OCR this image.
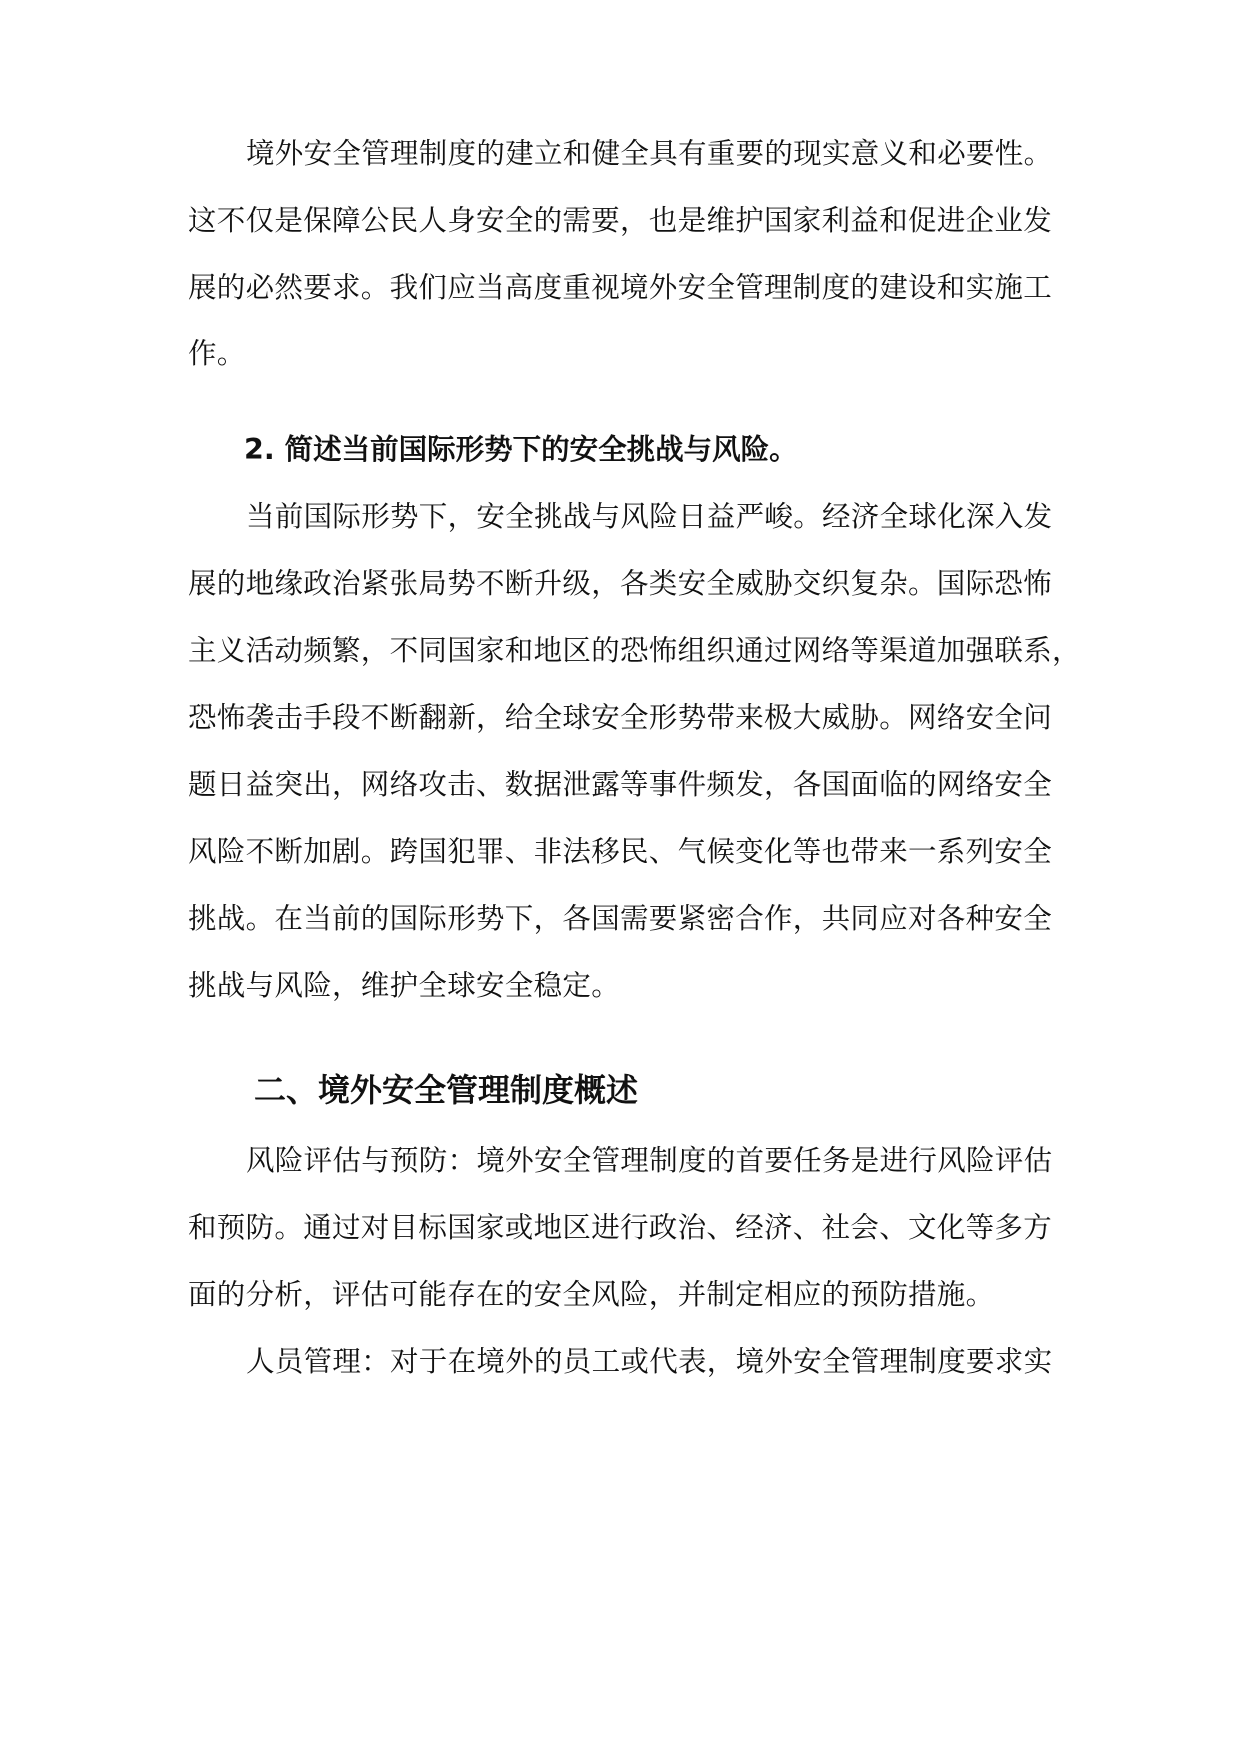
境外安全管理制度的建立和健全具有重要的现实意义和必要性。
这不仅是保障公民人身安全的需要，也是维护国家利益和促进企业发
展的必然要求。我们应当高度重视境外安全管理制度的建设和实施工
作。
2. 简述当前国际形势下的安全挑战与风险。
当前国际形势下，安全挑战与风险日益严峻。经济全球化深入发
展的地缘政治紧张局势不断升级，各类安全威胁交织复杂。国际恐怖
主义活动频繁，不同国家和地区的恐怖组织通过网络等渠道加强联系，
恐怖袭击手段不断翻新，给全球安全形势带来极大威胁。网络安全问
题日益突出，网络攻击、数据泄露等事件频发，各国面临的网络安全
风险不断加剧。跨国犯罪、非法移民、气候变化等也带来一系列安全
挑战。在当前的国际形势下，各国需要紧密合作，共同应对各种安全
挑战与风险，维护全球安全稳定。
二、境外安全管理制度概述
风险评估与预防：境外安全管理制度的首要任务是进行风险评估
和预防。通过对目标国家或地区进行政治、经济、社会、文化等多方
面的分析，评估可能存在的安全风险，并制定相应的预防措施。
人员管理：对于在境外的员工或代表，境外安全管理制度要求实
